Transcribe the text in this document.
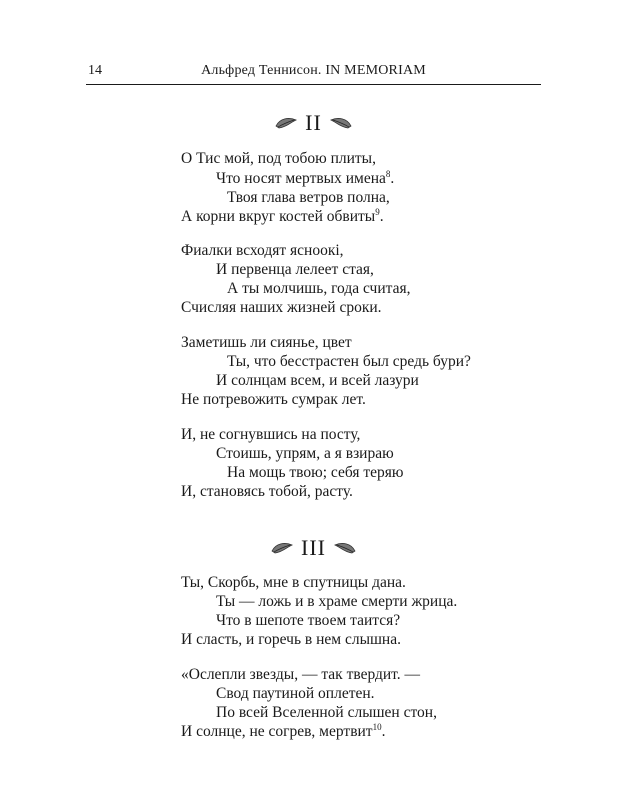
14	Альфред Теннисон. IN MEMORIAM
II
О Тис мой, под тобою плиты,
Что носят мертвых имена$^8$.
Твоя глава ветров полна,
А корни вкруг костей обвиты$^9$.
Фиалки всходят ясноокi,
И первенца лелеет стая,
А ты молчишь, года считая,
Счисляя наших жизней сроки.
Заметишь ли сиянье, цвет
Ты, что бесстрастен был средь бури?
И солнцам всем, и всей лазури
Не потревожить сумрак лет.
И, не согнувшись на посту,
Стоишь, упрям, а я взираю
На мощь твою; себя теряю
И, становясь тобой, расту.
III
Ты, Скорбь, мне в спутницы дана.
Ты — ложь и в храме смерти жрица.
Что в шепоте твоем таится?
И сласть, и горечь в нем слышна.
«Ослепли звезды, — так твердит. —
Свод паутиной оплетен.
По всей Вселенной слышен стон,
И солнце, не согрев, мертвит$^{10}$.
